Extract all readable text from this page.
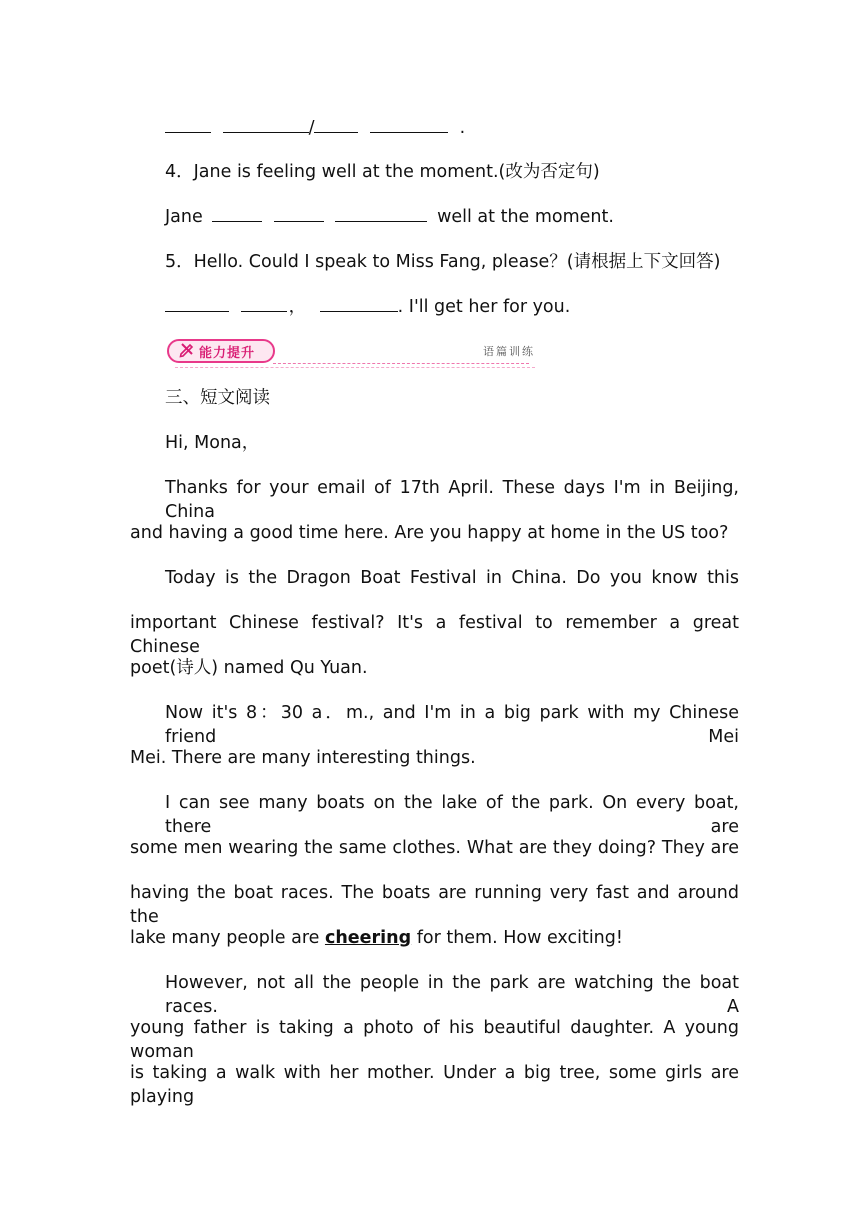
/	.
4．Jane is feeling well at the moment.(改为否定句)
Jane	well at the moment.
5．Hello. Could I speak to Miss Fang, please？(请根据上下文回答)
，	. I'll get her for you.
能力提升	语篇训练
三、短文阅读
Hi, Mona，
Thanks for your email of 17th April. These days I'm in Beijing, China
and having a good time here. Are you happy at home in the US too?
Today is the Dragon Boat Festival in China. Do you know this
important Chinese festival? It's a festival to remember a great Chinese
poet(诗人) named Qu Yuan.
Now it's 8：30 a．m., and I'm in a big park with my Chinese friend Mei
Mei. There are many interesting things.
I can see many boats on the lake of the park. On every boat, there are
some men wearing the same clothes. What are they doing? They are
having the boat races. The boats are running very fast and around the
lake many people are cheering for them. How exciting!
However, not all the people in the park are watching the boat races. A
young father is taking a photo of his beautiful daughter. A young woman
is taking a walk with her mother. Under a big tree, some girls are playing
